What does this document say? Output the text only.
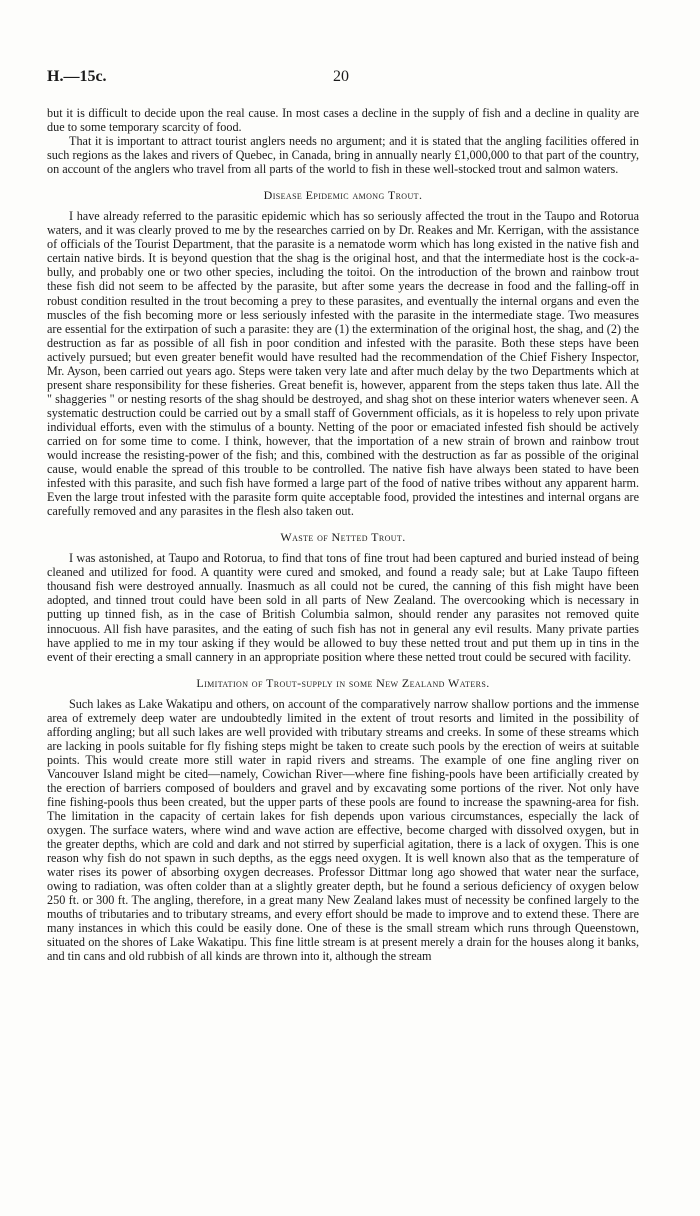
H.—15c.	20

but it is difficult to decide upon the real cause. In most cases a decline in the supply of fish and a decline in quality are due to some temporary scarcity of food.

That it is important to attract tourist anglers needs no argument; and it is stated that the angling facilities offered in such regions as the lakes and rivers of Quebec, in Canada, bring in annually nearly £1,000,000 to that part of the country, on account of the anglers who travel from all parts of the world to fish in these well-stocked trout and salmon waters.

Disease Epidemic among Trout.

I have already referred to the parasitic epidemic which has so seriously affected the trout in the Taupo and Rotorua waters, and it was clearly proved to me by the researches carried on by Dr. Reakes and Mr. Kerrigan, with the assistance of officials of the Tourist Department, that the parasite is a nematode worm which has long existed in the native fish and certain native birds. It is beyond question that the shag is the original host, and that the intermediate host is the cock-a-bully, and probably one or two other species, including the toitoi. On the introduction of the brown and rainbow trout these fish did not seem to be affected by the parasite, but after some years the decrease in food and the falling-off in robust condition resulted in the trout becoming a prey to these parasites, and eventually the internal organs and even the muscles of the fish becoming more or less seriously infested with the parasite in the intermediate stage. Two measures are essential for the extirpation of such a parasite: they are (1) the extermination of the original host, the shag, and (2) the destruction as far as possible of all fish in poor condition and infested with the parasite. Both these steps have been actively pursued; but even greater benefit would have resulted had the recommendation of the Chief Fishery Inspector, Mr. Ayson, been carried out years ago. Steps were taken very late and after much delay by the two Departments which at present share responsibility for these fisheries. Great benefit is, however, apparent from the steps taken thus late. All the " shaggeries " or nesting resorts of the shag should be destroyed, and shag shot on these interior waters whenever seen. A systematic destruction could be carried out by a small staff of Government officials, as it is hopeless to rely upon private individual efforts, even with the stimulus of a bounty. Netting of the poor or emaciated infested fish should be actively carried on for some time to come. I think, however, that the importation of a new strain of brown and rainbow trout would increase the resisting-power of the fish; and this, combined with the destruction as far as possible of the original cause, would enable the spread of this trouble to be controlled. The native fish have always been stated to have been infested with this parasite, and such fish have formed a large part of the food of native tribes without any apparent harm. Even the large trout infested with the parasite form quite acceptable food, provided the intestines and internal organs are carefully removed and any parasites in the flesh also taken out.

Waste of Netted Trout.

I was astonished, at Taupo and Rotorua, to find that tons of fine trout had been captured and buried instead of being cleaned and utilized for food. A quantity were cured and smoked, and found a ready sale; but at Lake Taupo fifteen thousand fish were destroyed annually. Inasmuch as all could not be cured, the canning of this fish might have been adopted, and tinned trout could have been sold in all parts of New Zealand. The overcooking which is necessary in putting up tinned fish, as in the case of British Columbia salmon, should render any parasites not removed quite innocuous. All fish have parasites, and the eating of such fish has not in general any evil results. Many private parties have applied to me in my tour asking if they would be allowed to buy these netted trout and put them up in tins in the event of their erecting a small cannery in an appropriate position where these netted trout could be secured with facility.

Limitation of Trout-supply in some New Zealand Waters.

Such lakes as Lake Wakatipu and others, on account of the comparatively narrow shallow portions and the immense area of extremely deep water are undoubtedly limited in the extent of trout resorts and limited in the possibility of affording angling; but all such lakes are well provided with tributary streams and creeks. In some of these streams which are lacking in pools suitable for fly fishing steps might be taken to create such pools by the erection of weirs at suitable points. This would create more still water in rapid rivers and streams. The example of one fine angling river on Vancouver Island might be cited—namely, Cowichan River—where fine fishing-pools have been artificially created by the erection of barriers composed of boulders and gravel and by excavating some portions of the river. Not only have fine fishing-pools thus been created, but the upper parts of these pools are found to increase the spawning-area for fish. The limitation in the capacity of certain lakes for fish depends upon various circumstances, especially the lack of oxygen. The surface waters, where wind and wave action are effective, become charged with dissolved oxygen, but in the greater depths, which are cold and dark and not stirred by superficial agitation, there is a lack of oxygen. This is one reason why fish do not spawn in such depths, as the eggs need oxygen. It is well known also that as the temperature of water rises its power of absorbing oxygen decreases. Professor Dittmar long ago showed that water near the surface, owing to radiation, was often colder than at a slightly greater depth, but he found a serious deficiency of oxygen below 250 ft. or 300 ft. The angling, therefore, in a great many New Zealand lakes must of necessity be confined largely to the mouths of tributaries and to tributary streams, and every effort should be made to improve and to extend these. There are many instances in which this could be easily done. One of these is the small stream which runs through Queenstown, situated on the shores of Lake Wakatipu. This fine little stream is at present merely a drain for the houses along it banks, and tin cans and old rubbish of all kinds are thrown into it, although the stream
